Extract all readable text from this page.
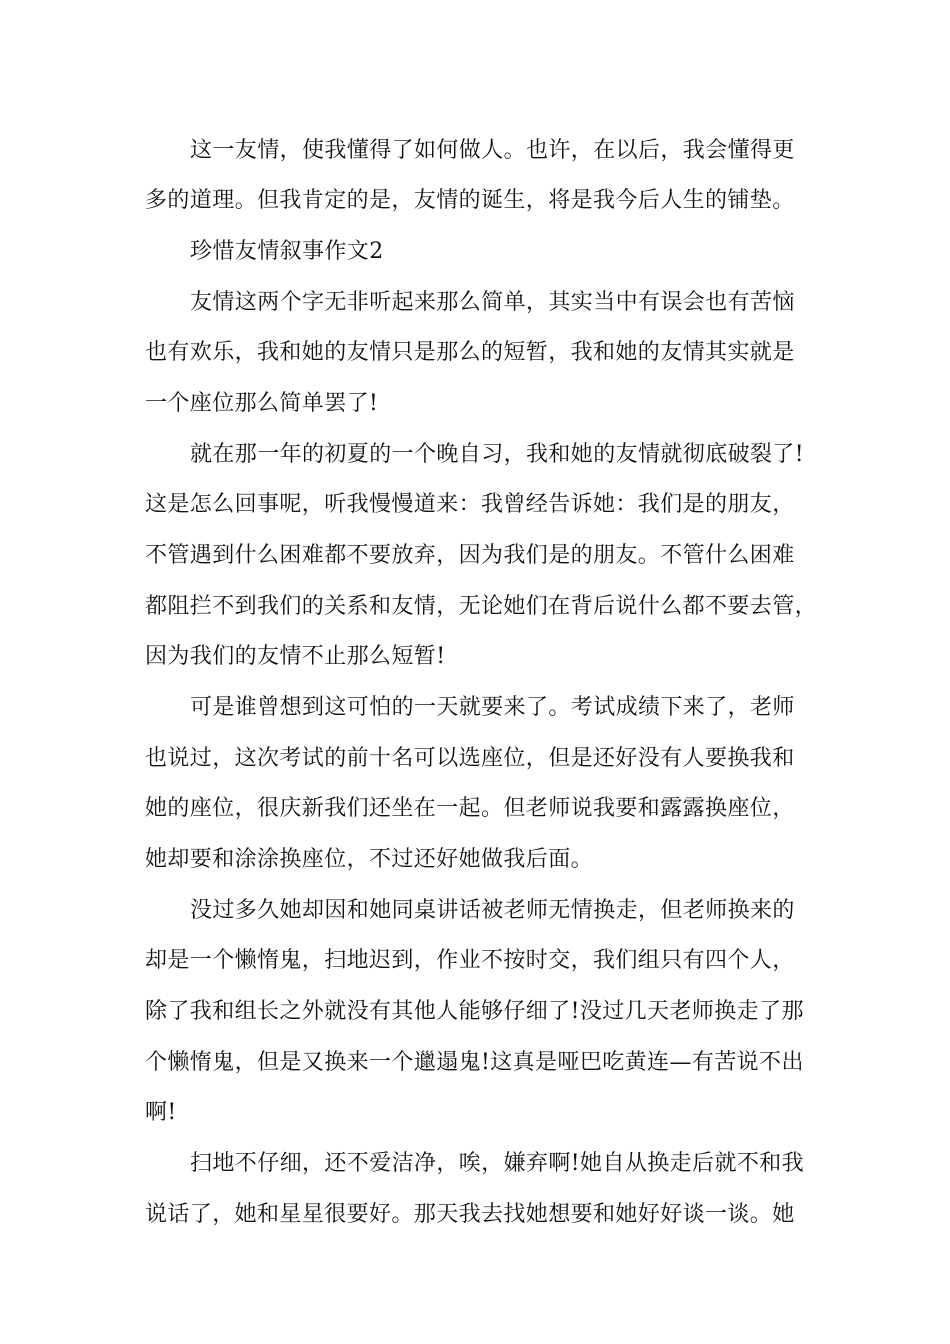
这一友情，使我懂得了如何做人。也许，在以后，我会懂得更
多的道理。但我肯定的是，友情的诞生，将是我今后人生的铺垫。
珍惜友情叙事作文2
友情这两个字无非听起来那么简单，其实当中有误会也有苦恼
也有欢乐，我和她的友情只是那么的短暂，我和她的友情其实就是
一个座位那么简单罢了!
就在那一年的初夏的一个晚自习，我和她的友情就彻底破裂了!
这是怎么回事呢，听我慢慢道来：我曾经告诉她：我们是的朋友，
不管遇到什么困难都不要放弃，因为我们是的朋友。不管什么困难
都阻拦不到我们的关系和友情，无论她们在背后说什么都不要去管，
因为我们的友情不止那么短暂!
可是谁曾想到这可怕的一天就要来了。考试成绩下来了，老师
也说过，这次考试的前十名可以选座位，但是还好没有人要换我和
她的座位，很庆新我们还坐在一起。但老师说我要和露露换座位，
她却要和涂涂换座位，不过还好她做我后面。
没过多久她却因和她同桌讲话被老师无情换走，但老师换来的
却是一个懒惰鬼，扫地迟到，作业不按时交，我们组只有四个人，
除了我和组长之外就没有其他人能够仔细了!没过几天老师换走了那
个懒惰鬼，但是又换来一个邋遢鬼!这真是哑巴吃黄连—有苦说不出
啊!
扫地不仔细，还不爱洁净，唉，嫌弃啊!她自从换走后就不和我
说话了，她和星星很要好。那天我去找她想要和她好好谈一谈。她
